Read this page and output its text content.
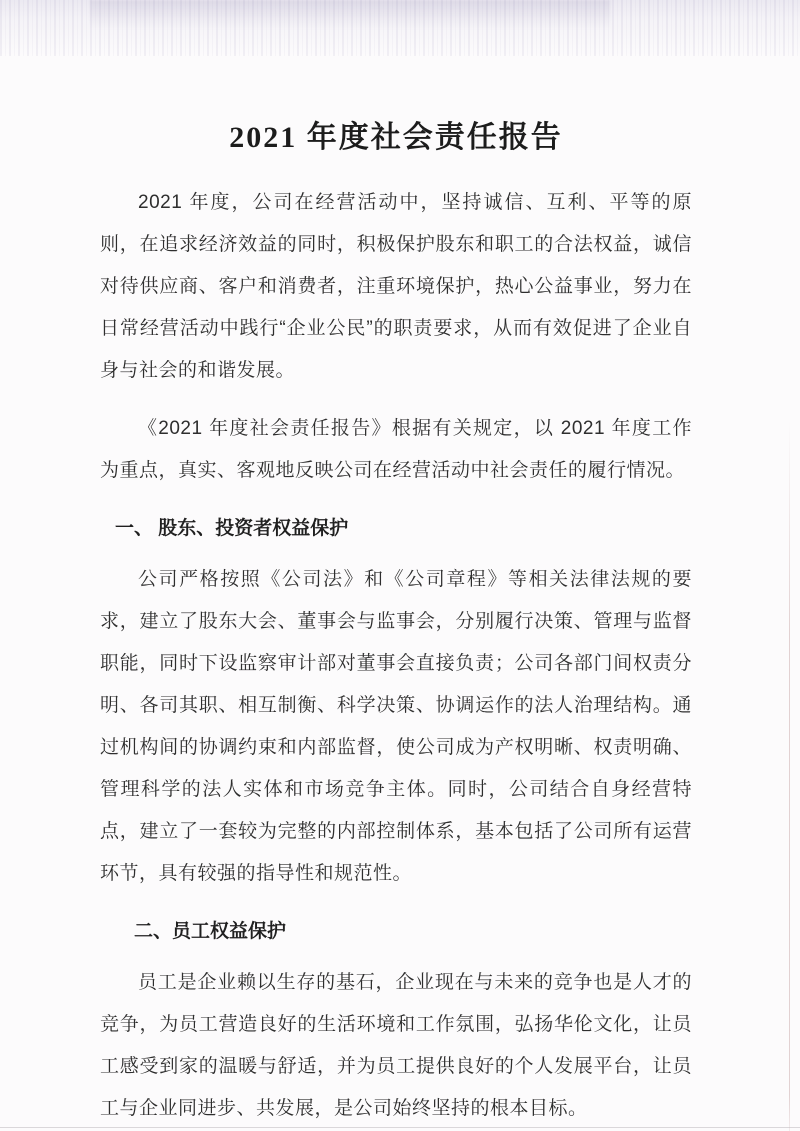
2021 年度社会责任报告

2021 年度，公司在经营活动中，坚持诚信、互利、平等的原则，在追求经济效益的同时，积极保护股东和职工的合法权益，诚信对待供应商、客户和消费者，注重环境保护，热心公益事业，努力在日常经营活动中践行“企业公民”的职责要求，从而有效促进了企业自身与社会的和谐发展。

《2021 年度社会责任报告》根据有关规定，以 2021 年度工作为重点，真实、客观地反映公司在经营活动中社会责任的履行情况。

一、 股东、投资者权益保护

公司严格按照《公司法》和《公司章程》等相关法律法规的要求，建立了股东大会、董事会与监事会，分别履行决策、管理与监督职能，同时下设监察审计部对董事会直接负责；公司各部门间权责分明、各司其职、相互制衡、科学决策、协调运作的法人治理结构。通过机构间的协调约束和内部监督，使公司成为产权明晰、权责明确、管理科学的法人实体和市场竞争主体。同时，公司结合自身经营特点，建立了一套较为完整的内部控制体系，基本包括了公司所有运营环节，具有较强的指导性和规范性。

二、员工权益保护

员工是企业赖以生存的基石，企业现在与未来的竞争也是人才的竞争，为员工营造良好的生活环境和工作氛围，弘扬华伦文化，让员工感受到家的温暖与舒适，并为员工提供良好的个人发展平台，让员工与企业同进步、共发展，是公司始终坚持的根本目标。
